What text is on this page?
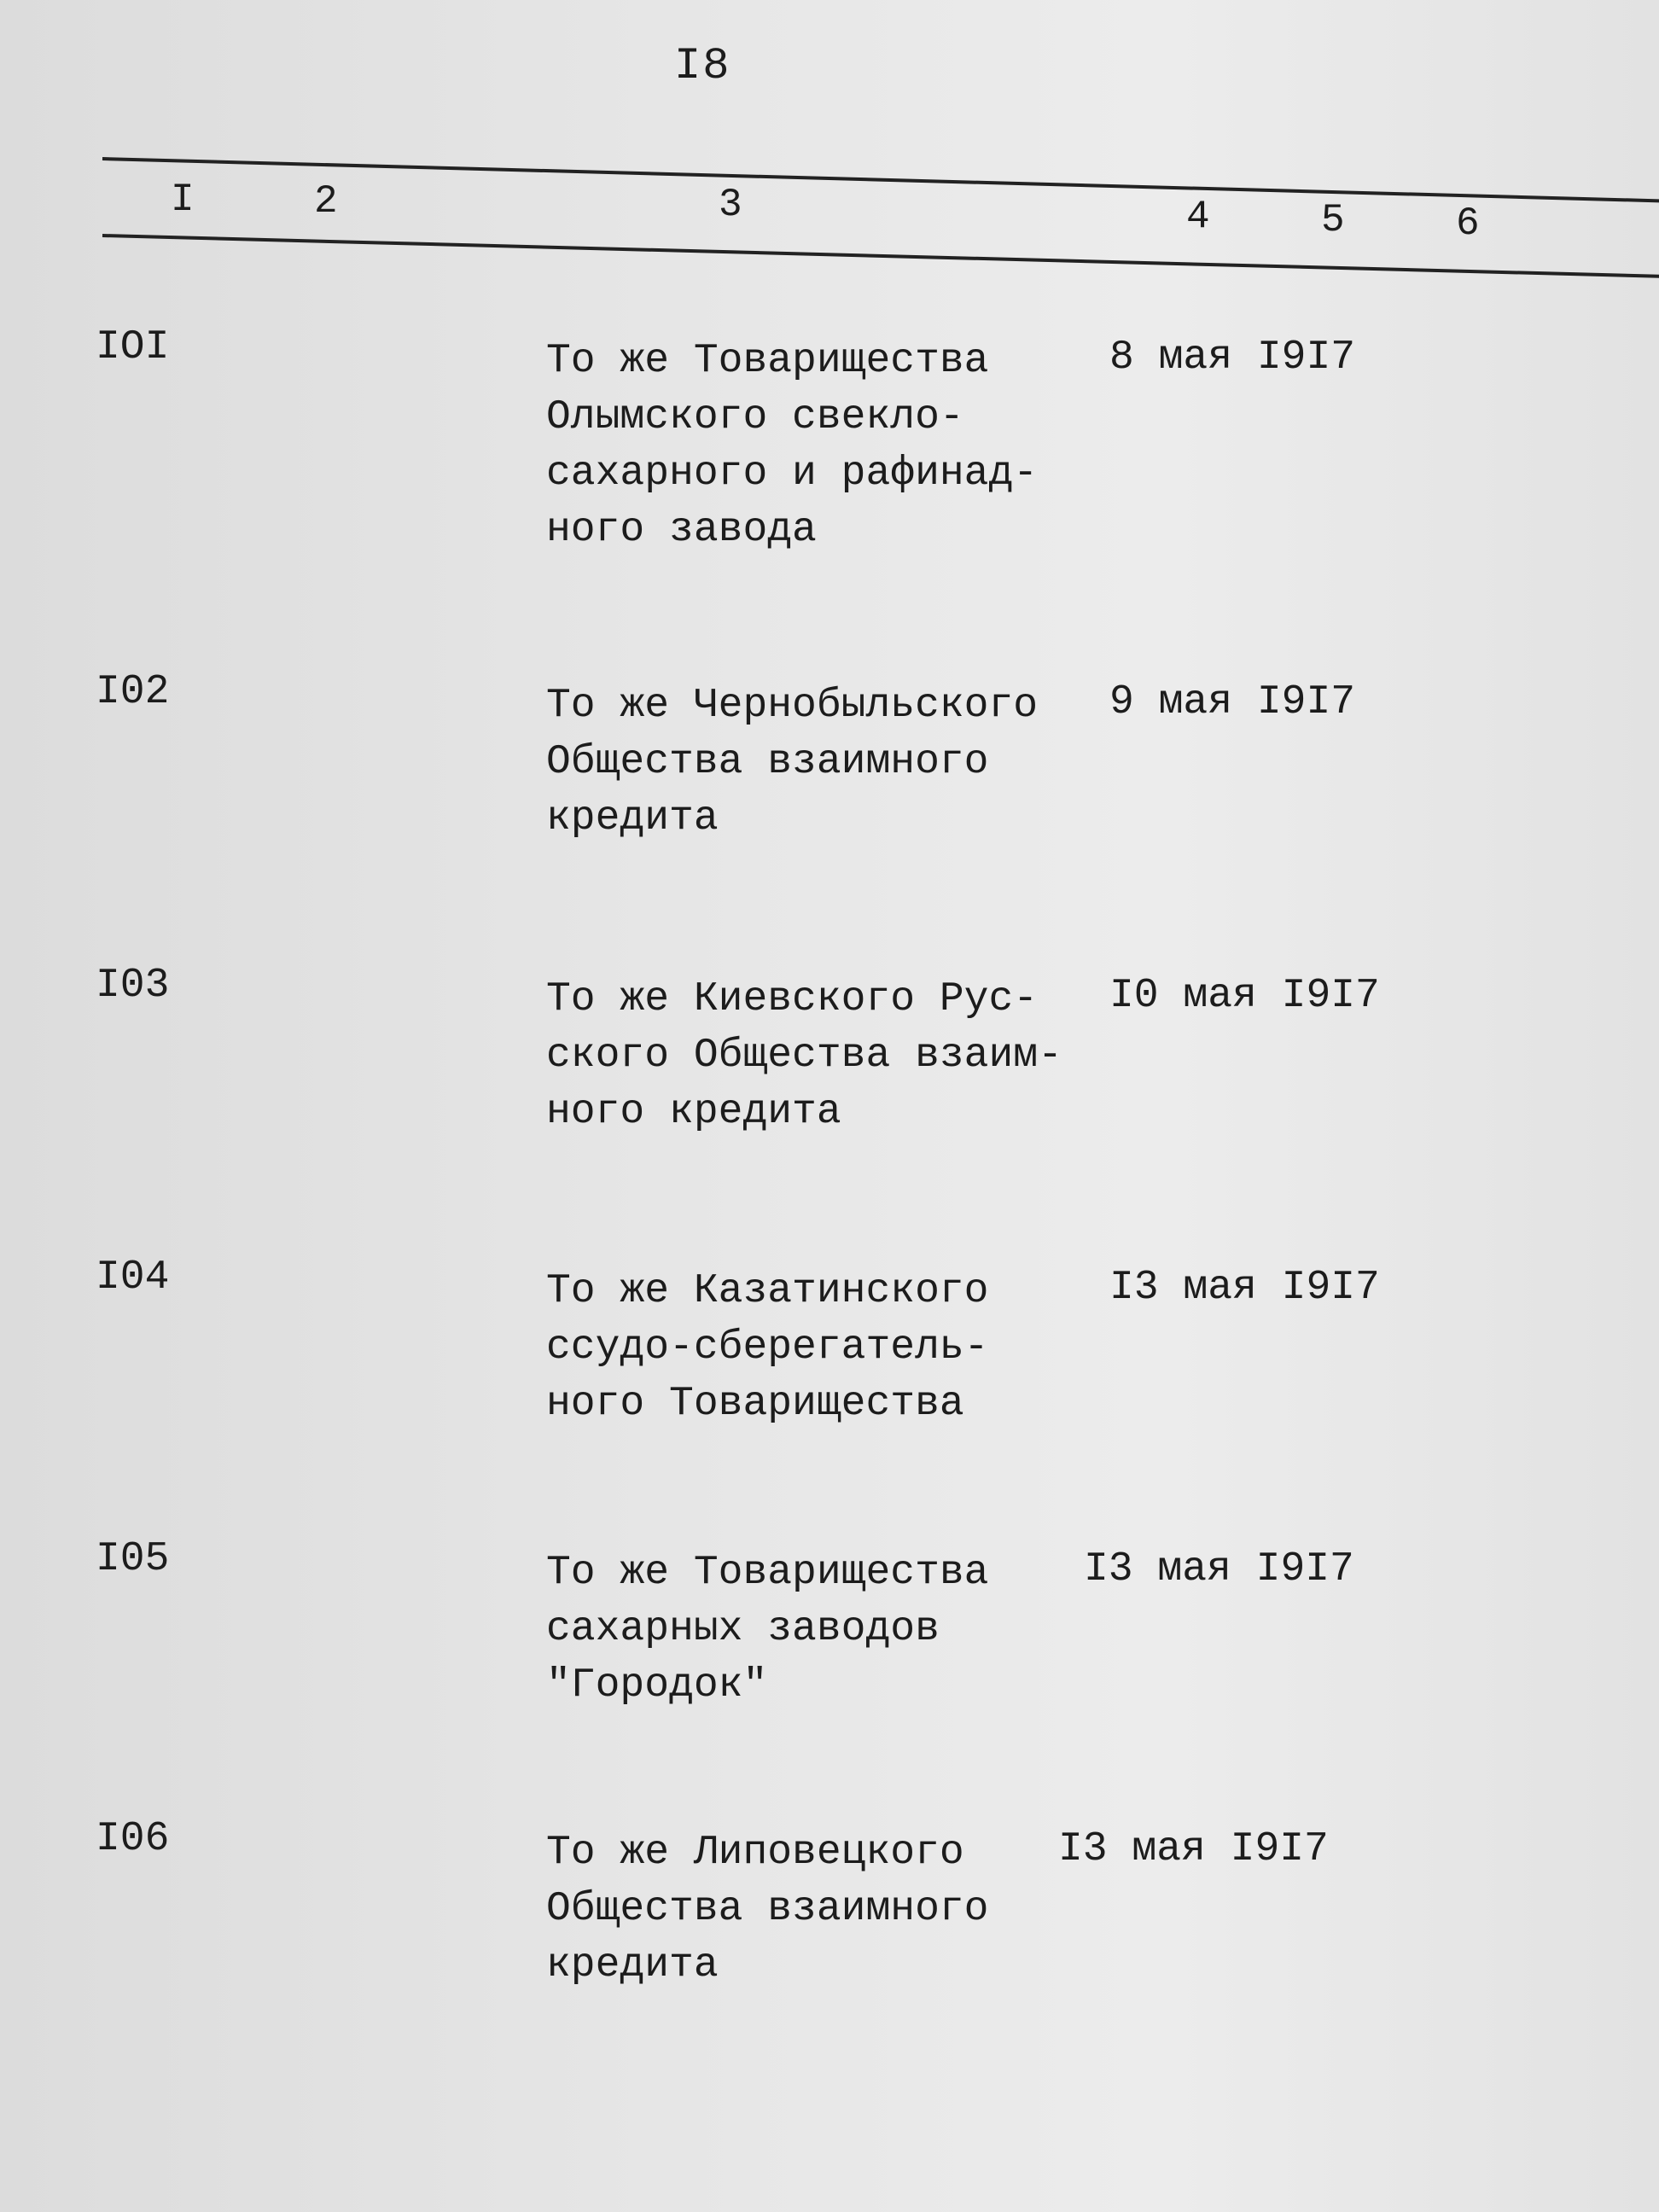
I8
I	2	3	4	5	6
IOI	То же Товарищества
Олымского свекло-
сахарного и рафинад-
ного завода
8 мая I9I7
I02	То же Чернобыльского
Общества взаимного
кредита
9 мая I9I7
I03	То же Киевского Рус-
ского Общества взаим-
ного кредита
I0 мая I9I7
I04	То же Казатинского
ссудо-сберегатель-
ного Товарищества
I3 мая I9I7
I05	То же Товарищества
сахарных заводов
"Городок"
I3 мая I9I7
I06	То же Липовецкого
Общества взаимного
кредита
I3 мая I9I7
